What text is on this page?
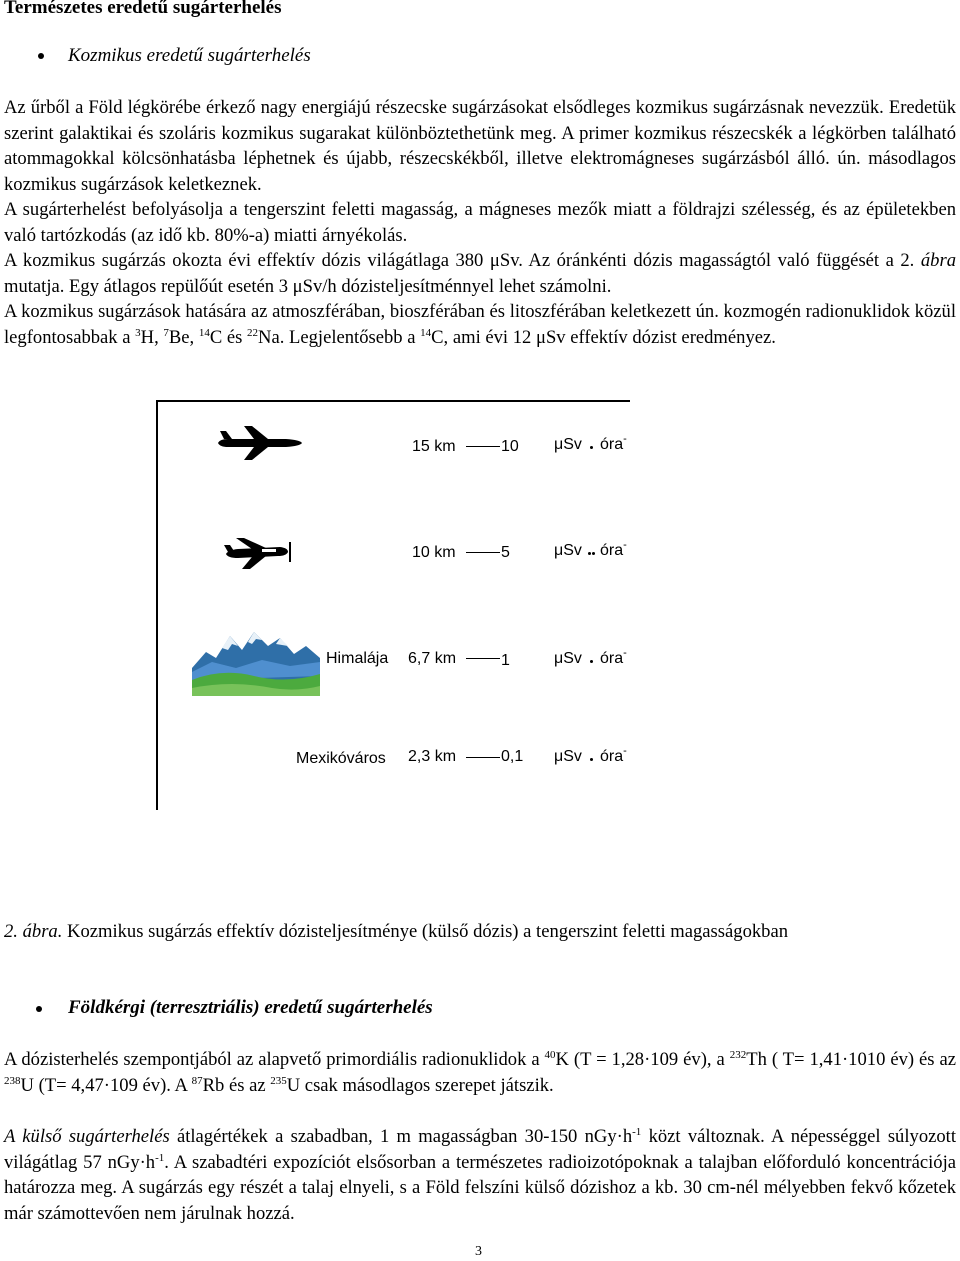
Természetes eredetű sugárterhelés
Kozmikus eredetű sugárterhelés

Az űrből a Föld légkörébe érkező nagy energiájú részecske sugárzásokat elsődleges kozmikus sugárzásnak nevezzük. Eredetük szerint galaktikai és szoláris kozmikus sugarakat különböztethetünk meg. A primer kozmikus részecskék a légkörben található atommagokkal kölcsönhatásba léphetnek és újabb, részecskékből, illetve elektromágneses sugárzásból álló. ún. másodlagos kozmikus sugárzások keletkeznek.

A sugárterhelést befolyásolja a tengerszint feletti magasság, a mágneses mezők miatt a földrajzi szélesség, és az épületekben való tartózkodás (az idő kb. 80%-a) miatti árnyékolás.

A kozmikus sugárzás okozta évi effektív dózis világátlaga 380 μSv. Az óránkénti dózis magasságtól való függését a 2. ábra mutatja. Egy átlagos repülőút esetén 3 μSv/h dózisteljesítménnyel lehet számolni.

A kozmikus sugárzások hatására az atmoszférában, bioszférában és litoszférában keletkezett ún. kozmogén radionuklidok közül legfontosabbak a $^3$H, $^7$Be, $^{14}$C és $^{22}$Na. Legjelentősebb a $^{14}$C, ami évi 12 μSv effektív dózist eredményez.

15 km	10 μSv óra-
10 km	5	μSv óra-
Himalája 6,7 km	1	μSv óra-
Mexikóváros 2,3 km	0,1 μSv óra-
2. ábra. Kozmikus sugárzás effektív dózisteljesítménye (külső dózis) a tengerszint feletti magasságokban
Földkérgi (terresztriális) eredetű sugárterhelés

A dózisterhelés szempontjából az alapvető primordiális radionuklidok a $^{40}$K (T = 1,28·109 év), a $^{232}$Th ( T= 1,41·1010 év) és az $^{238}$U (T= 4,47·109 év). A $^{87}$Rb és az $^{235}$U csak másodlagos szerepet játszik.

A külső sugárterhelés átlagértékek a szabadban, 1 m magasságban 30-150 $nGy\cdot h^{-1}$ közt változnak. A népességgel súlyozott világátlag 57 $nGy\cdot h^{-1}$. A szabadtéri expozíciót elsősorban a természetes radioizotópoknak a talajban előforduló koncentrációja határozza meg. A sugárzás egy részét a talaj elnyeli, s a Föld felszíni külső dózishoz a kb. 30 cm-nél mélyebben fekvő kőzetek már számottevően nem járulnak hozzá.

3
